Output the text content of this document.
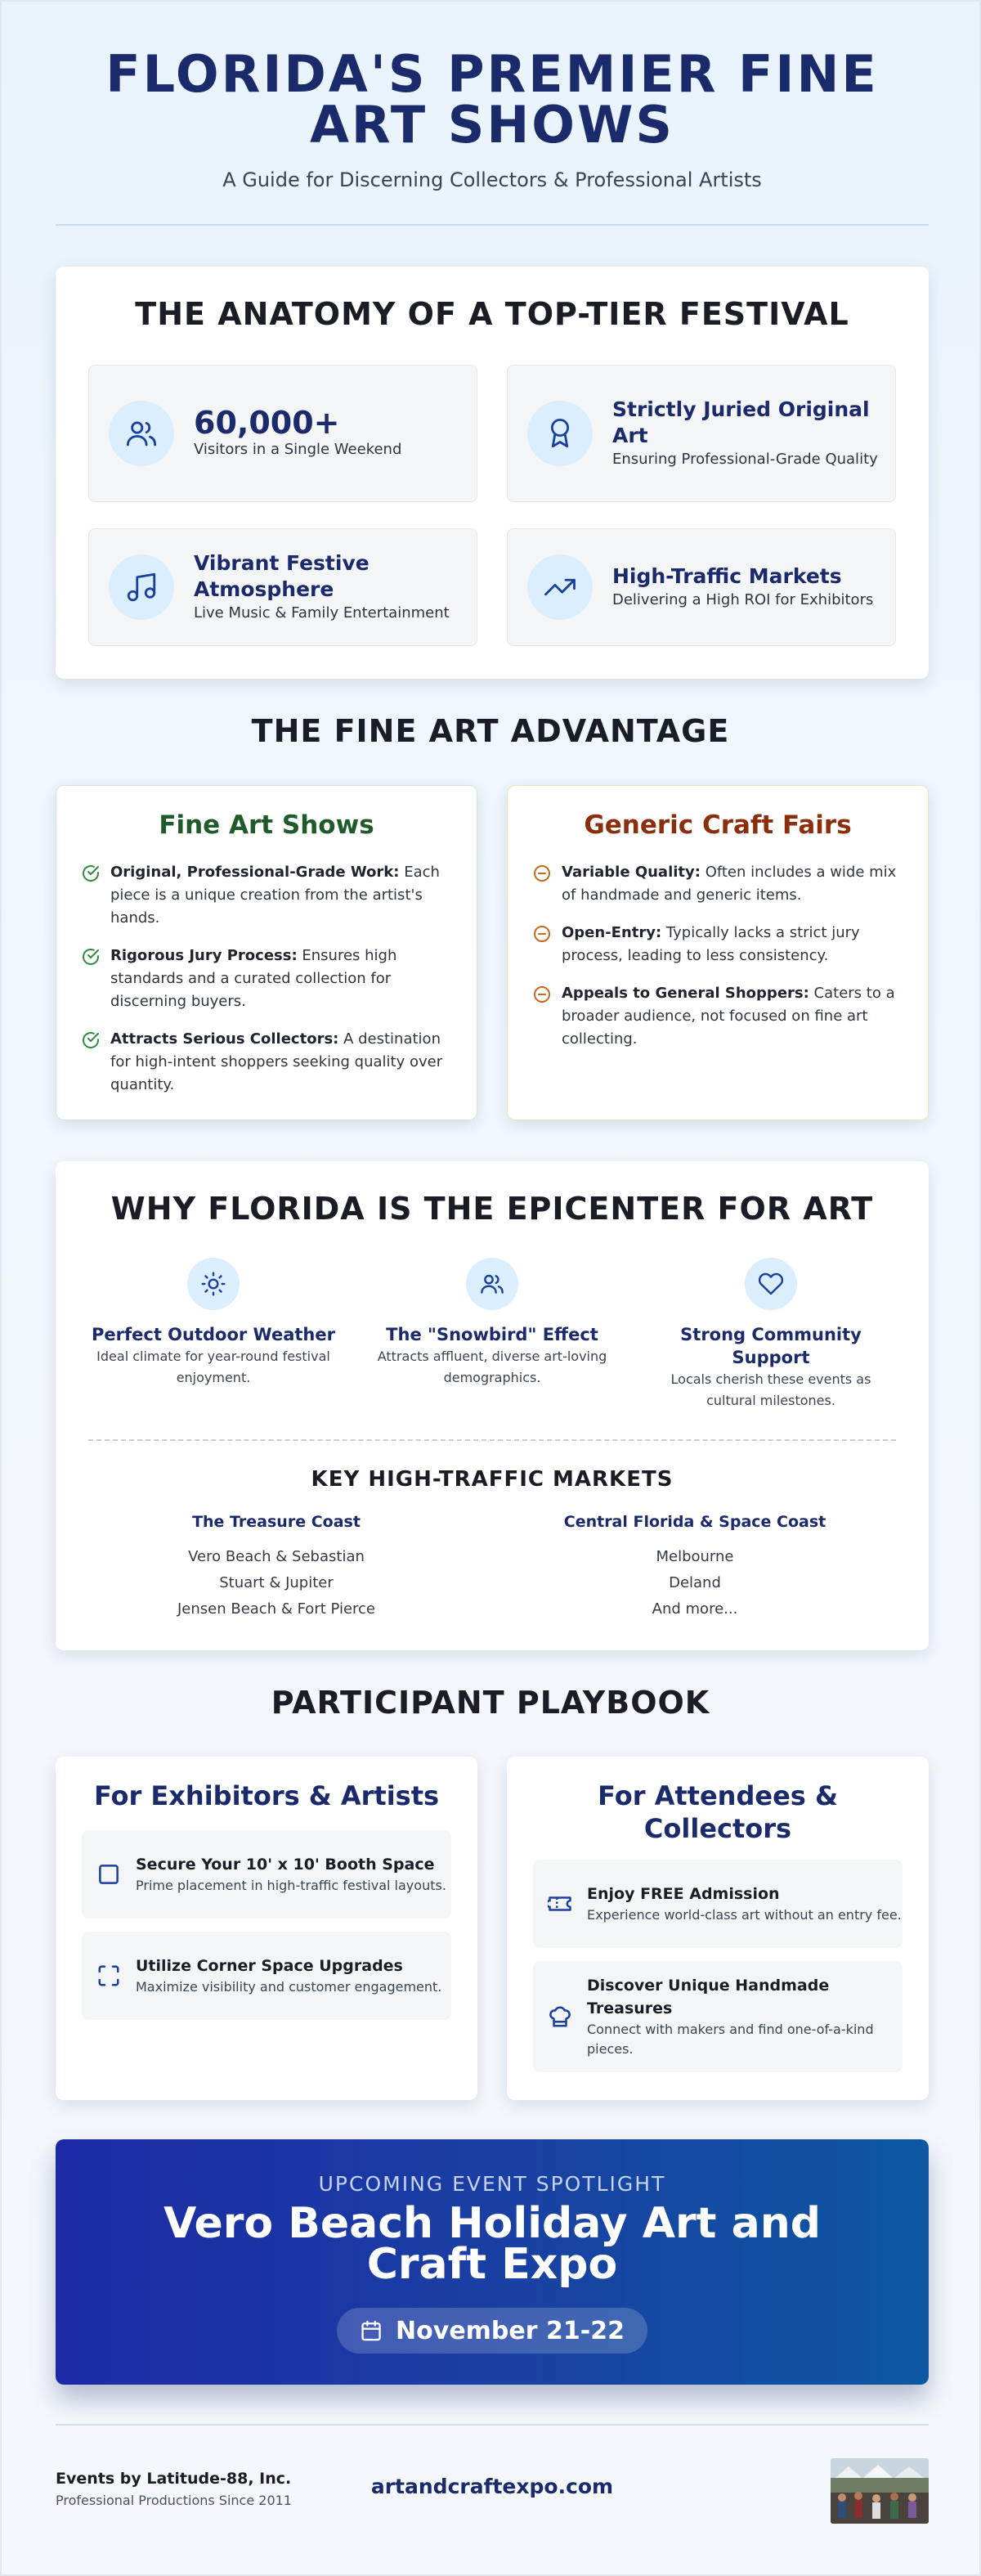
FLORIDA'S PREMIER FINE ART SHOWS
A Guide for Discerning Collectors & Professional Artists
THE ANATOMY OF A TOP-TIER FESTIVAL
60,000+
Visitors in a Single Weekend
Strictly Juried Original Art
Ensuring Professional-Grade Quality
Vibrant Festive Atmosphere
Live Music & Family Entertainment
High-Traffic Markets
Delivering a High ROI for Exhibitors
THE FINE ART ADVANTAGE
Fine Art Shows

Original, Professional-Grade Work: Each piece is a unique creation from the artist's hands.

Rigorous Jury Process: Ensures high standards and a curated collection for discerning buyers.

Attracts Serious Collectors: A destination for high-intent shoppers seeking quality over quantity.

Generic Craft Fairs

Variable Quality: Often includes a wide mix of handmade and generic items.

Open-Entry: Typically lacks a strict jury process, leading to less consistency.

Appeals to General Shoppers: Caters to a broader audience, not focused on fine art collecting.

WHY FLORIDA IS THE EPICENTER FOR ART
Perfect Outdoor Weather
Ideal climate for year-round festival enjoyment.
The "Snowbird" Effect
Attracts affluent, diverse art-loving demographics.
Strong Community Support
Locals cherish these events as cultural milestones.
KEY HIGH-TRAFFIC MARKETS
The Treasure Coast
Vero Beach & Sebastian
Stuart & Jupiter
Jensen Beach & Fort Pierce
Central Florida & Space Coast
Melbourne
Deland
And more...
PARTICIPANT PLAYBOOK
For Exhibitors & Artists
Secure Your 10' x 10' Booth Space
Prime placement in high-traffic festival layouts.
Utilize Corner Space Upgrades
Maximize visibility and customer engagement.
For Attendees & Collectors
Enjoy FREE Admission
Experience world-class art without an entry fee.
Discover Unique Handmade Treasures
Connect with makers and find one-of-a-kind pieces.
UPCOMING EVENT SPOTLIGHT
Vero Beach Holiday Art and Craft Expo
November 21-22
Events by Latitude-88, Inc.
Professional Productions Since 2011
artandcraftexpo.com
